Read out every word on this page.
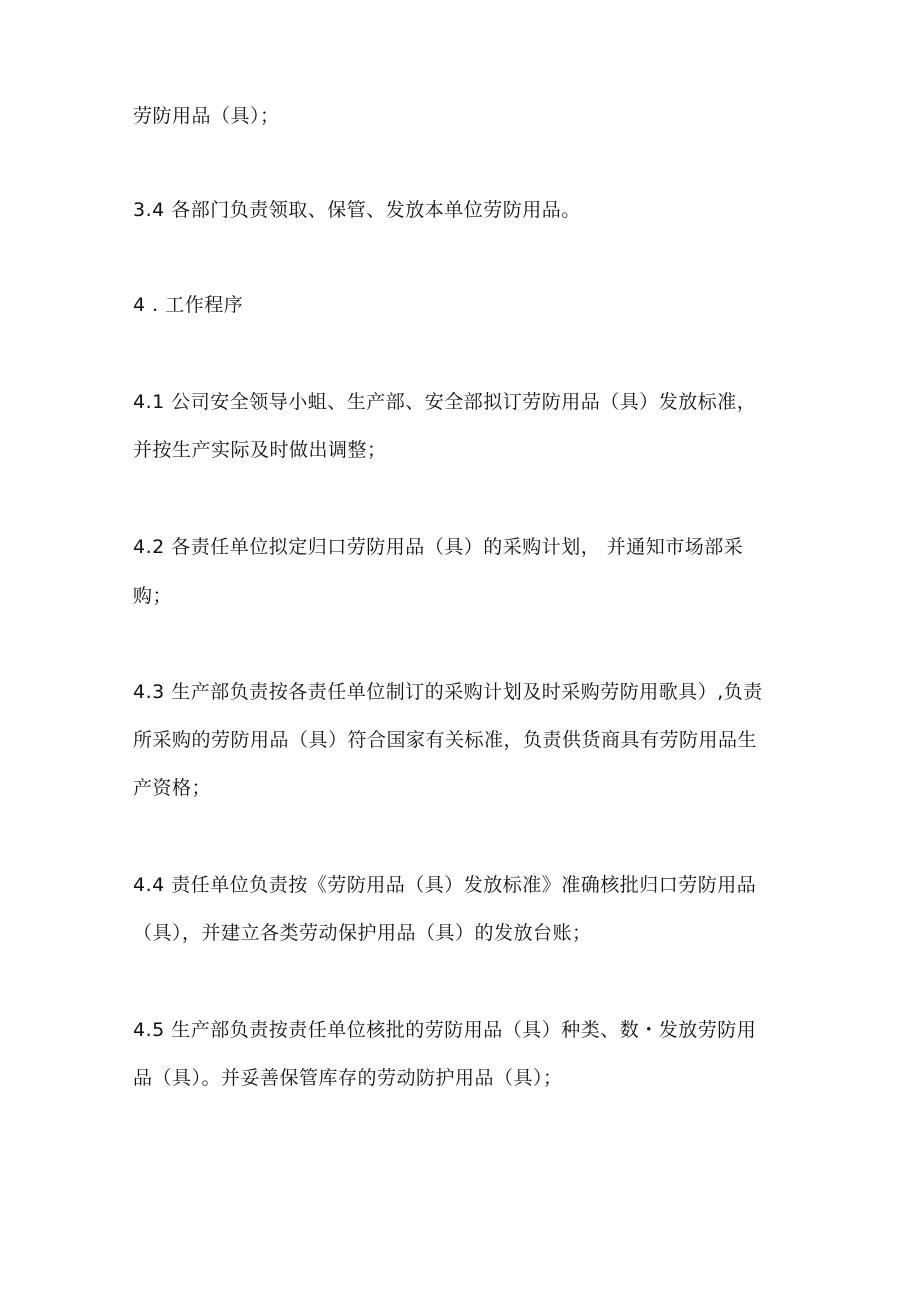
劳防用品（具）；
3.4 各部门负责领取、保管、发放本单位劳防用品。
4 . 工作程序
4.1 公司安全领导小蛆、生产部、安全部拟订劳防用品（具）发放标准，
并按生产实际及时做出调整；
4.2 各责任单位拟定归口劳防用品（具）的采购计划， 并通知市场部采
购；
4.3 生产部负责按各责任单位制订的采购计划及时采购劳防用歌具）,负责
所采购的劳防用品（具）符合国家有关标准，负责供货商具有劳防用品生
产资格；
4.4 责任单位负责按《劳防用品（具）发放标准》准确核批归口劳防用品
（具），并建立各类劳动保护用品（具）的发放台账；
4.5 生产部负责按责任单位核批的劳防用品（具）种类、数・发放劳防用
品（具）。并妥善保管库存的劳动防护用品（具）；
